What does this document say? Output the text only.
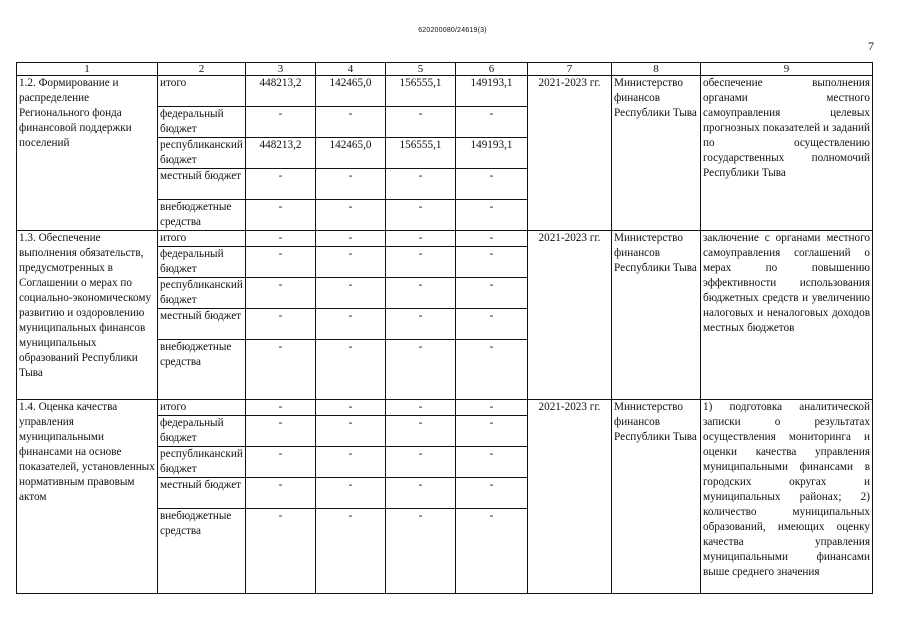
620200080/24619(3)
7
1	2	3	4	5	6	7	8	9
1.2. Формирование и распределение Регионального фонда финансовой поддержки поселений	итого	448213,2	142465,0	156555,1	149193,1	2021-2023 гг.	Министерство финансов Республики Тыва	обеспечение выполнения органами местного самоуправления целевых прогнозных показателей и заданий по осуществлению государственных полномочий Республики Тыва
	федеральный бюджет	-	-	-	-			
	республиканский бюджет	448213,2	142465,0	156555,1	149193,1			
	местный бюджет	-	-	-	-			
	внебюджетные средства	-	-	-	-			
1.3. Обеспечение выполнения обязательств, предусмотренных в Соглашении о мерах по социально-экономическому развитию и оздоровлению муниципальных финансов муниципальных образований Республики Тыва	итого	-	-	-	-	2021-2023 гг.	Министерство финансов Республики Тыва	заключение с органами местного самоуправления соглашений о мерах по повышению эффективности использования бюджетных средств и увеличению налоговых и неналоговых доходов местных бюджетов
	федеральный бюджет	-	-	-	-			
	республиканский бюджет	-	-	-	-			
	местный бюджет	-	-	-	-			
	внебюджетные средства	-	-	-	-			
1.4. Оценка качества управления муниципальными финансами на основе показателей, установленных нормативным правовым актом	итого	-	-	-	-	2021-2023 гг.	Министерство финансов Республики Тыва	1) подготовка аналитической записки о результатах осуществления мониторинга и оценки качества управления муниципальными финансами в городских округах и муниципальных районах; 2) количество муниципальных образований, имеющих оценку качества управления муниципальными финансами выше среднего значения
	федеральный бюджет	-	-	-	-			
	республиканский бюджет	-	-	-	-			
	местный бюджет	-	-	-	-			
	внебюджетные средства	-	-	-	-			
